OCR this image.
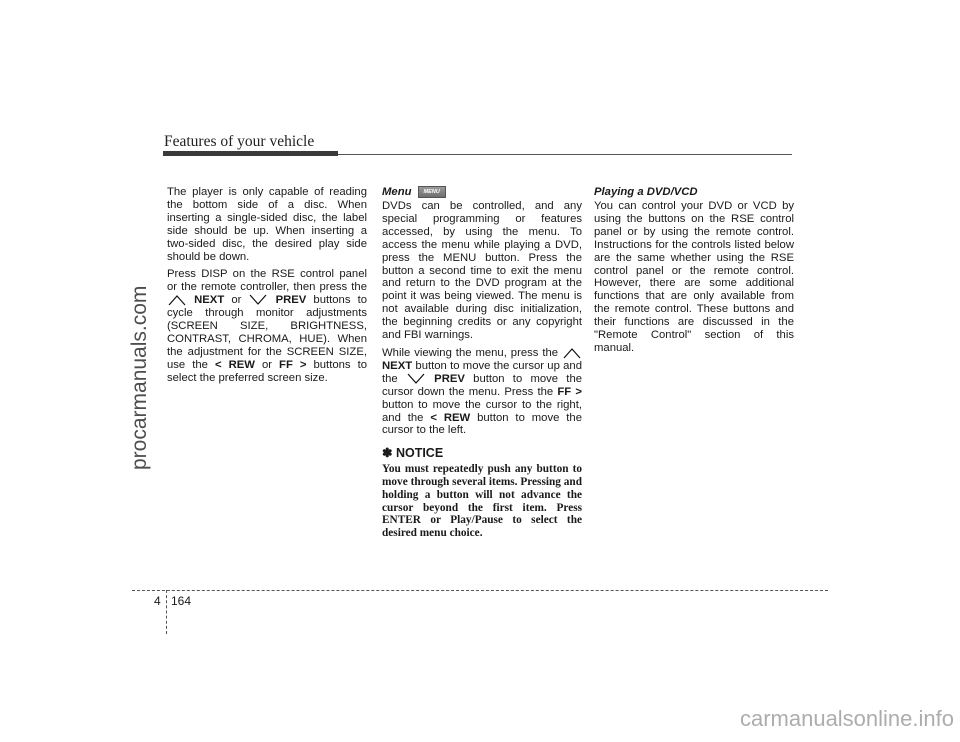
Features of your vehicle
procarmanuals.com

The player is only capable of reading the bottom side of a disc. When inserting a single-sided disc, the label side should be up. When inserting a two-sided disc, the desired play side should be down.

Press DISP on the RSE control panel or the remote controller, then press the  NEXT or  PREV buttons to cycle through monitor adjustments (SCREEN SIZE, BRIGHTNESS, CONTRAST, CHROMA, HUE). When the adjustment for the SCREEN SIZE, use the < REW or FF > buttons to select the preferred screen size.

Menu MENU

DVDs can be controlled, and any special programming or features accessed, by using the menu. To access the menu while playing a DVD, press the MENU button. Press the button a second time to exit the menu and return to the DVD program at the point it was being viewed. The menu is not available during disc initialization, the beginning credits or any copyright and FBI warnings.

While viewing the menu, press the  NEXT button to move the cursor up and the  PREV button to move the cursor down the menu. Press the FF > button to move the cursor to the right, and the < REW button to move the cursor to the left.

✽ NOTICE

You must repeatedly push any button to move through several items. Pressing and holding a button will not advance the cursor beyond the first item. Press ENTER or Play/Pause to select the desired menu choice.

Playing a DVD/VCD

You can control your DVD or VCD by using the buttons on the RSE control panel or by using the remote control. Instructions for the controls listed below are the same whether using the RSE control panel or the remote control. However, there are some additional functions that are only available from the remote control. These buttons and their functions are discussed in the "Remote Control" section of this manual.

4 164
carmanualsonline.info
